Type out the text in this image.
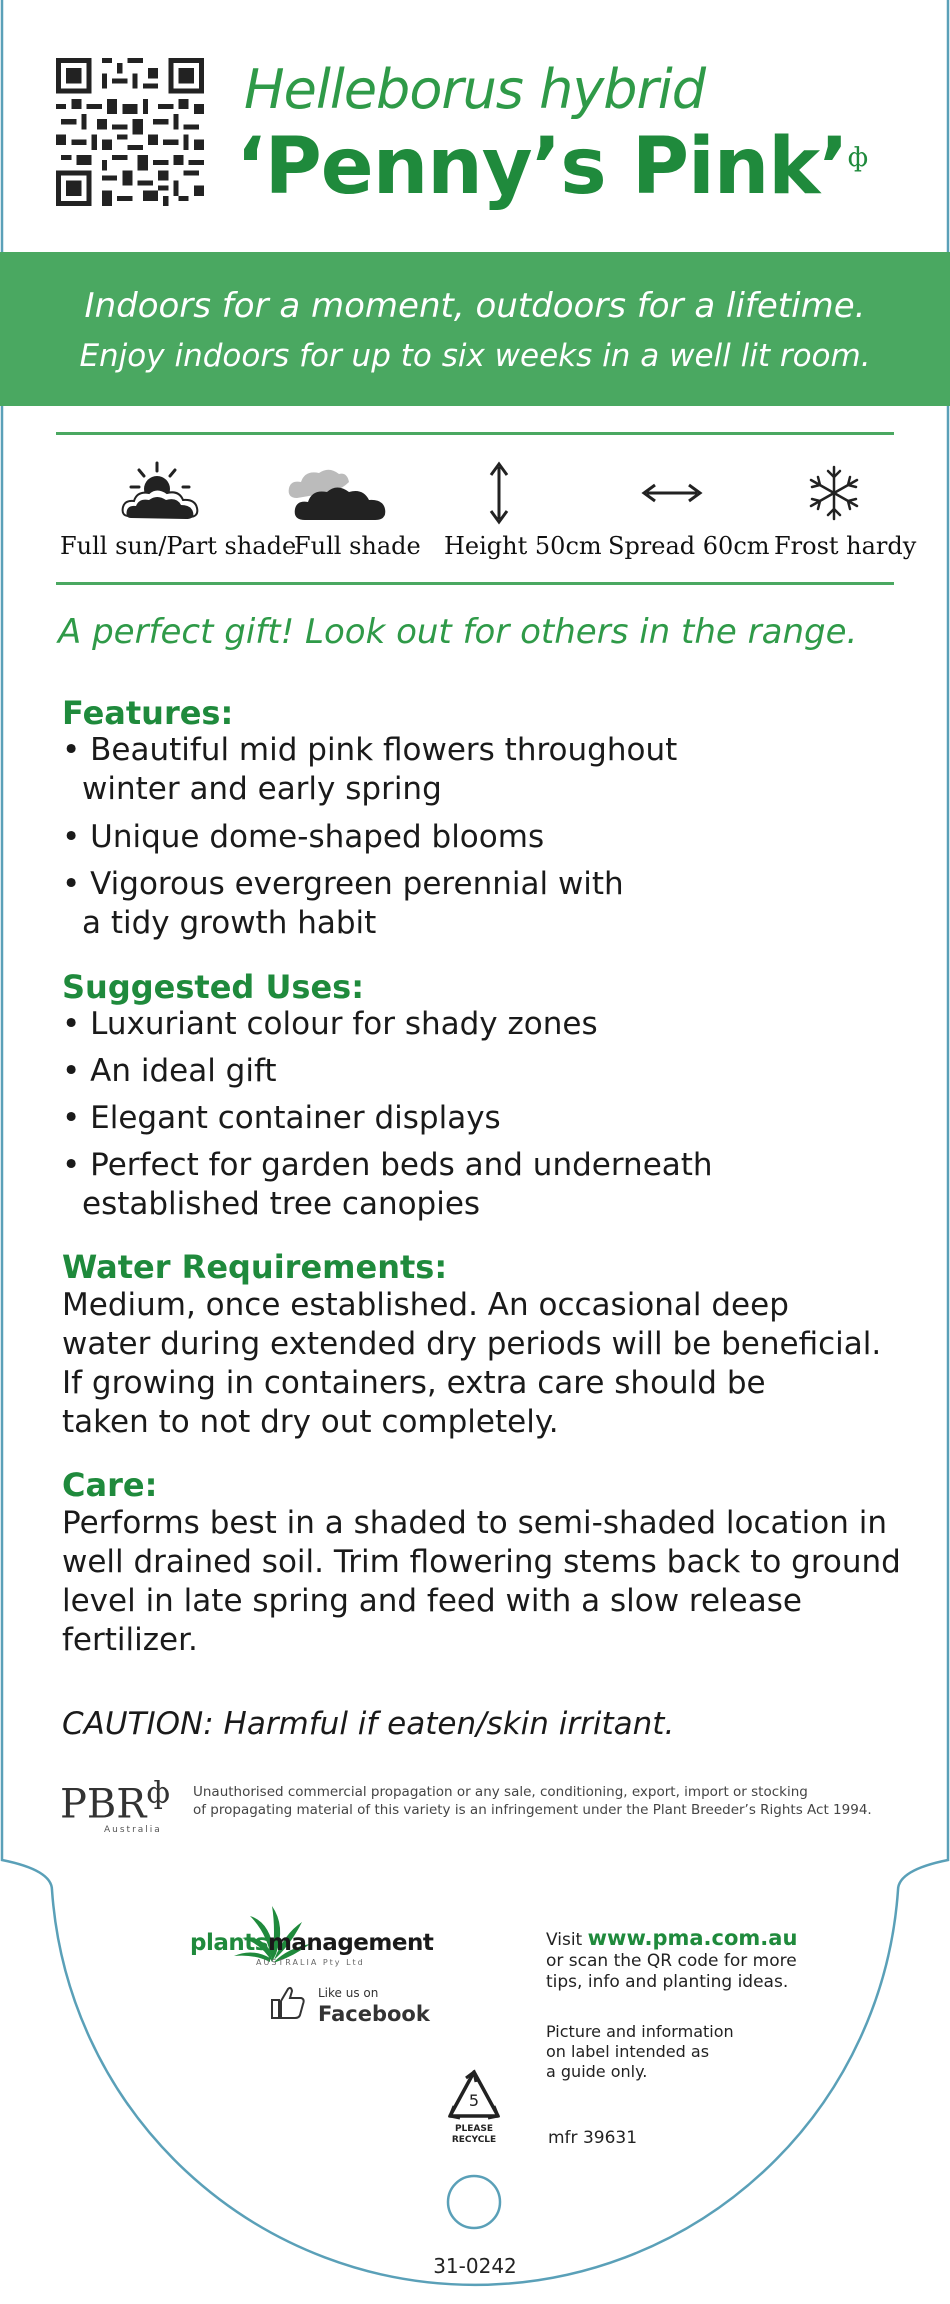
Helleborus hybrid
‘Penny’s Pink’$^ф$
Indoors for a moment, outdoors for a lifetime.
Enjoy indoors for up to six weeks in a well lit room.
Full sun/Part shade
Full shade Height 50cm Spread 60cm Frost hardy
A perfect gift! Look out for others in the range.
Features:
• Beautiful mid pink flowers throughout
winter and early spring
• Unique dome-shaped blooms
• Vigorous evergreen perennial with
a tidy growth habit
Suggested Uses:
• Luxuriant colour for shady zones
• An ideal gift
• Elegant container displays
• Perfect for garden beds and underneath
established tree canopies
Water Requirements:
Medium, once established. An occasional deep
water during extended dry periods will be beneficial.
If growing in containers, extra care should be
taken to not dry out completely.
Care:
Performs best in a shaded to semi-shaded location in
well drained soil. Trim flowering stems back to ground
level in late spring and feed with a slow release
fertilizer.
CAUTION: Harmful if eaten/skin irritant.
$PBR^ф$
Australia
Unauthorised commercial propagation or any sale, conditioning, export, import or stocking
of propagating material of this variety is an infringement under the Plant Breeder’s Rights Act 1994.
plantsmanagement
AUSTRALIA Pty Ltd
Like us on
Facebook
Visit www.pma.com.au
or scan the QR code for more
tips, info and planting ideas.
Picture and information
on label intended as
a guide only.
5
PLEASE
RECYCLE	mfr 39631
31-0242
